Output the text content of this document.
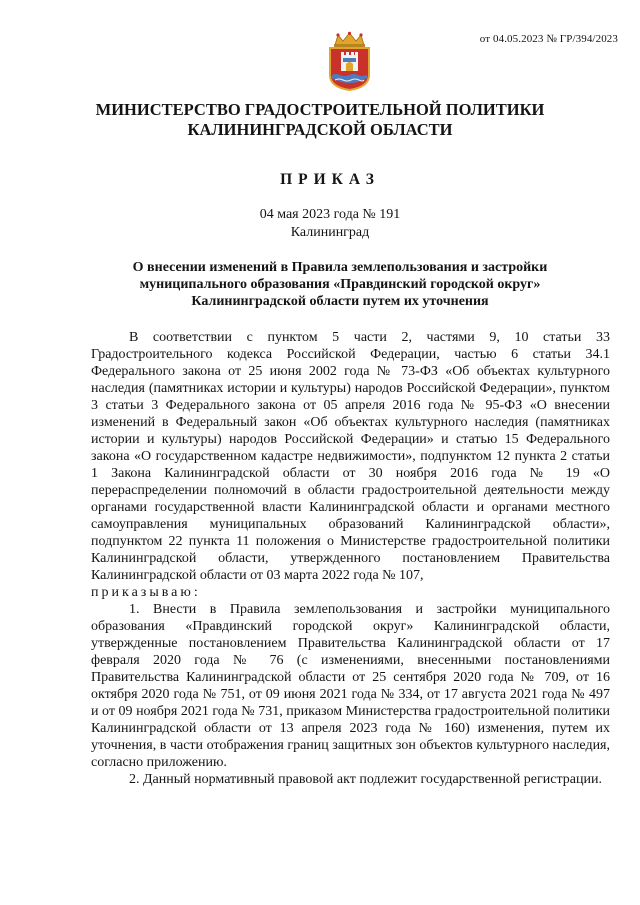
от 04.05.2023 № ГР/394/2023
МИНИСТЕРСТВО ГРАДОСТРОИТЕЛЬНОЙ ПОЛИТИКИ
КАЛИНИНГРАДСКОЙ ОБЛАСТИ
ПРИКАЗ
04 мая 2023 года № 191
Калининград
О внесении изменений в Правила землепользования и застройки муниципального образования «Правдинский городской округ» Калининградской области путем их уточнения

В соответствии с пунктом 5 части 2, частями 9, 10 статьи 33 Градостроительного кодекса Российской Федерации, частью 6 статьи 34.1 Федерального закона от 25 июня 2002 года № 73-ФЗ «Об объектах культурного наследия (памятниках истории и культуры) народов Российской Федерации», пунктом 3 статьи 3 Федерального закона от 05 апреля 2016 года № 95-ФЗ «О внесении изменений в Федеральный закон «Об объектах культурного наследия (памятниках истории и культуры) народов Российской Федерации» и статью 15 Федерального закона «О государственном кадастре недвижимости», подпунктом 12 пункта 2 статьи 1 Закона Калининградской области от 30 ноября 2016 года № 19 «О перераспределении полномочий в области градостроительной деятельности между органами государственной власти Калининградской области и органами местного самоуправления муниципальных образований Калининградской области», подпунктом 22 пункта 11 положения о Министерстве градостроительной политики Калининградской области, утвержденного постановлением Правительства Калининградской области от 03 марта 2022 года № 107,

приказываю:

1. Внести в Правила землепользования и застройки муниципального образования «Правдинский городской округ» Калининградской области, утвержденные постановлением Правительства Калининградской области от 17 февраля 2020 года № 76 (с изменениями, внесенными постановлениями Правительства Калининградской области от 25 сентября 2020 года № 709, от 16 октября 2020 года № 751, от 09 июня 2021 года № 334, от 17 августа 2021 года № 497 и от 09 ноября 2021 года № 731, приказом Министерства градостроительной политики Калининградской области от 13 апреля 2023 года № 160) изменения, путем их уточнения, в части отображения границ защитных зон объектов культурного наследия, согласно приложению.

2. Данный нормативный правовой акт подлежит государственной регистрации.
